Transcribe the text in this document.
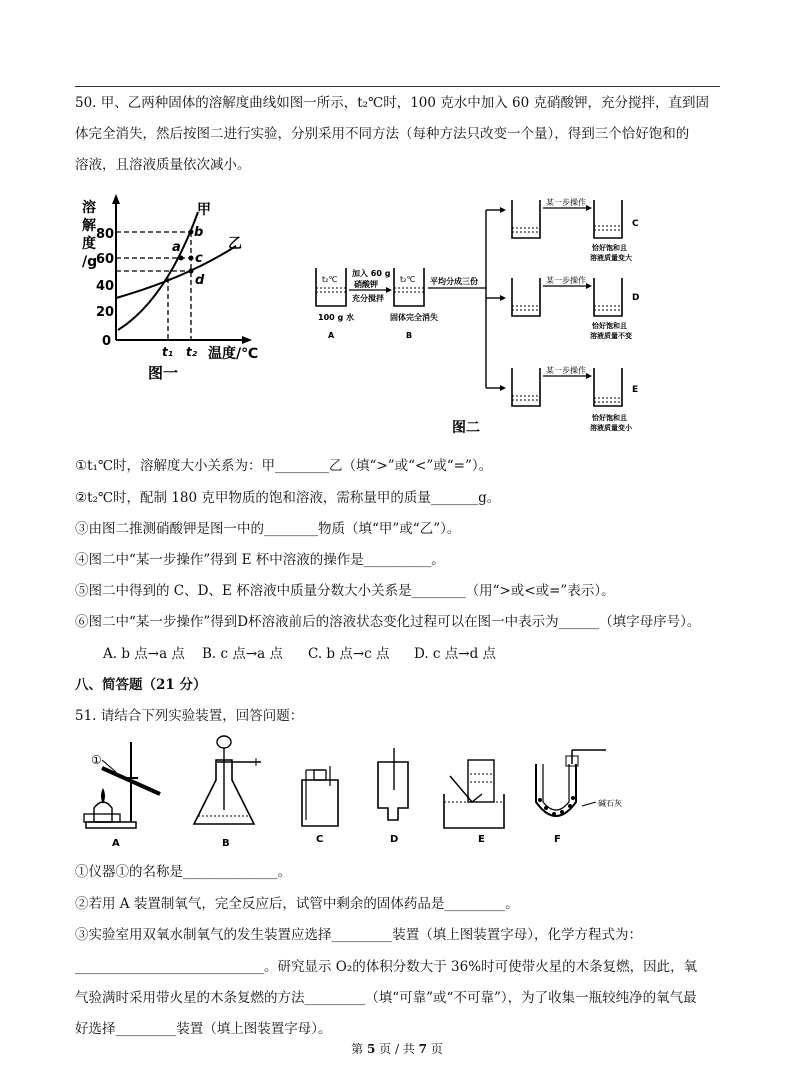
50. 甲、乙两种固体的溶解度曲线如图一所示，t₂℃时，100 克水中加入 60 克硝酸钾，充分搅拌，直到固
体完全消失，然后按图二进行实验，分别采用不同方法（每种方法只改变一个量），得到三个恰好饱和的
溶液，且溶液质量依次减小。
溶
解
度
/g
80
60
40
20
0
a
b
c
d
甲
乙
t₁ t₂ 温度/℃
图一
t₂℃
100 g 水
A
加入 60 g
硝酸钾
充分搅拌
t₂℃
固体完全消失
B
平均分成三份
某一步操作
C
恰好饱和且
溶液质量变大
某一步操作
D
恰好饱和且
溶液质量不变
某一步操作
E
恰好饱和且
溶液质量变小
图二
①t₁℃时，溶解度大小关系为：甲________乙（填“>”或“<”或“=”）。
②t₂℃时，配制 180 克甲物质的饱和溶液，需称量甲的质量_______g。
③由图二推测硝酸钾是图一中的________物质（填“甲”或“乙”）。
④图二中“某一步操作”得到 E 杯中溶液的操作是__________。
⑤图二中得到的 C、D、E 杯溶液中质量分数大小关系是________（用“>或<或=”表示）。
⑥图二中“某一步操作”得到D杯溶液前后的溶液状态变化过程可以在图一中表示为______（填字母序号）。
A. b 点→a 点 B. c 点→a 点 C. b 点→c 点 D. c 点→d 点
八、简答题（21 分）
51. 请结合下列实验装置，回答问题：
①
A	B	C	D	E
碱石灰
F
①仪器①的名称是______________。
②若用 A 装置制氧气，完全反应后，试管中剩余的固体药品是_________。
③实验室用双氧水制氧气的发生装置应选择_________装置（填上图装置字母），化学方程式为：
____________________________。研究显示 O₂的体积分数大于 36%时可使带火星的木条复燃，因此，氧
气验满时采用带火星的木条复燃的方法_________（填“可靠”或“不可靠”），为了收集一瓶较纯净的氧气最
好选择_________装置（填上图装置字母）。
第 5 页 / 共 7 页
